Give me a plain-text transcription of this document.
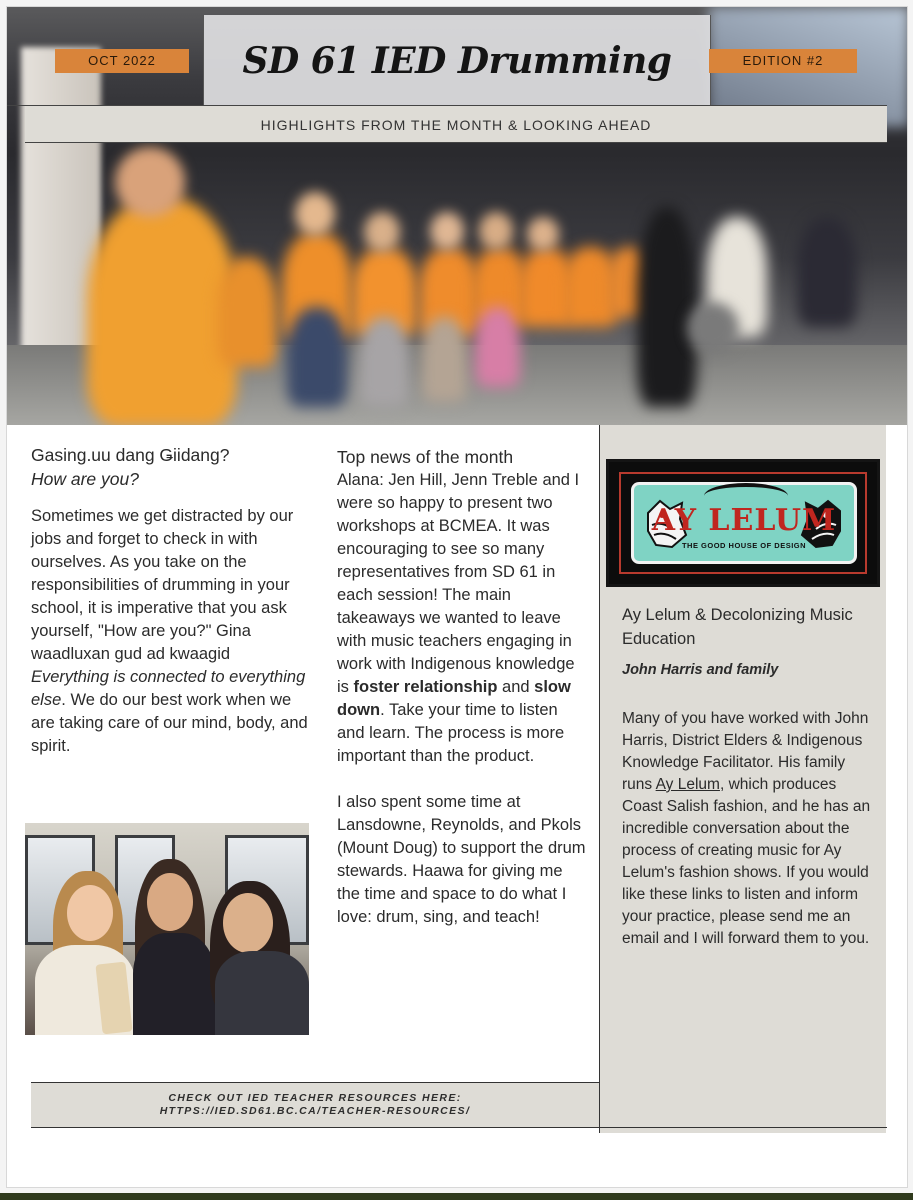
SD 61 IED Drumming
OCT 2022	EDITION #2
HIGHLIGHTS FROM THE MONTH & LOOKING AHEAD
Gasing.uu dang Ǥiidang?
How are you?
Sometimes we get distracted by our jobs and forget to check in with ourselves. As you take on the responsibilities of drumming in your school, it is imperative that you ask yourself, "How are you?" Gina waadluxan gud ad kwaagid Everything is connected to everything else. We do our best work when we are taking care of our mind, body, and spirit.
Top news of the month

Alana: Jen Hill, Jenn Treble and I were so happy to present two workshops at BCMEA. It was encouraging to see so many representatives from SD 61 in each session! The main takeaways we wanted to leave with music teachers engaging in work with Indigenous knowledge is foster relationship and slow down. Take your time to listen and learn. The process is more important than the product.

I also spent some time at Lansdowne, Reynolds, and Pkols (Mount Doug) to support the drum stewards. Haawa for giving me the time and space to do what I love: drum, sing, and teach!

AY LELUM
THE GOOD HOUSE OF DESIGN
Ay Lelum & Decolonizing Music Education
John Harris and family
Many of you have worked with John Harris, District Elders & Indigenous Knowledge Facilitator. His family runs Ay Lelum, which produces Coast Salish fashion, and he has an incredible conversation about the process of creating music for Ay Lelum's fashion shows. If you would like these links to listen and inform your practice, please send me an email and I will forward them to you.
CHECK OUT IED TEACHER RESOURCES HERE:
HTTPS://IED.SD61.BC.CA/TEACHER-RESOURCES/
